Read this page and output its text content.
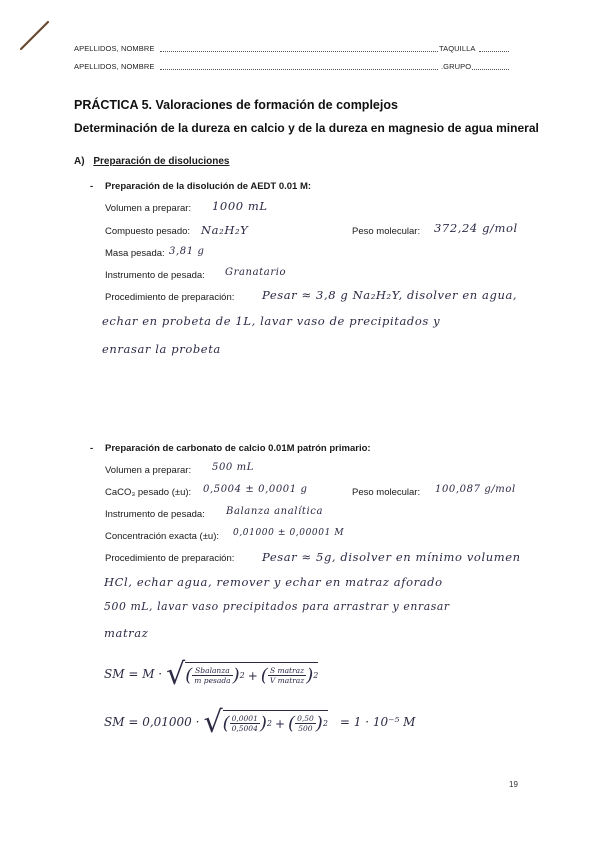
APELLIDOS, NOMBRE	TAQUILLA
APELLIDOS, NOMBRE	.GRUPO
PRÁCTICA 5. Valoraciones de formación de complejos
Determinación de la dureza en calcio y de la dureza en magnesio de agua mineral
A) Preparación de disoluciones
- Preparación de la disolución de AEDT 0.01 M:
Volumen a preparar: 1000 mL
Compuesto pesado: Na₂H₂Y	Peso molecular: 372,24 g/mol
Masa pesada: 3,81 g
Instrumento de pesada: Granatario
Procedimiento de preparación: Pesar ≈ 3,8 g Na₂H₂Y, disolver en agua,
echar en probeta de 1L, lavar vaso de precipitados y
enrasar la probeta
- Preparación de carbonato de calcio 0.01M patrón primario:
Volumen a preparar: 500 mL
CaCO₃ pesado (±u): 0,5004 ± 0,0001 g	Peso molecular: 100,087 g/mol
Instrumento de pesada: Balanza analítica
Concentración exacta (±u): 0,01000 ± 0,00001 M
Procedimiento de preparación: Pesar ≈ 5g, disolver en mínimo volumen
HCl, echar agua, remover y echar en matraz aforado
500 mL, lavar vaso precipitados para arrastrar y enrasar
matraz
SM = M · √ ( $\frac{\text{Sbalanza}}{\text{m pesada}}$ ) 2 + ( $\frac{\text{S matraz}}{\text{V matraz}}$ ) 2
SM = 0,01000 · √ ( $\frac{0,0001}{0,5004}$ ) 2 + ( $\frac{0,50}{500}$ ) 2 = 1 · 10⁻⁵ M
19
